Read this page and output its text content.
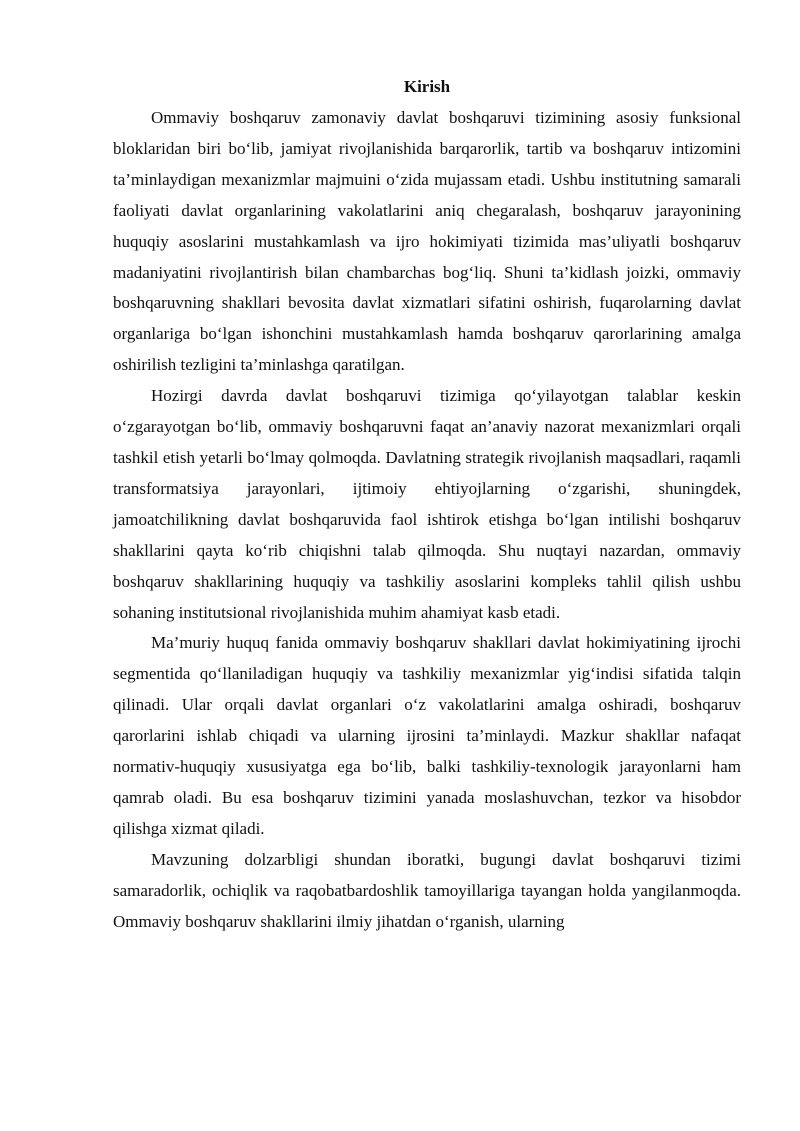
Kirish

Ommaviy boshqaruv zamonaviy davlat boshqaruvi tizimining asosiy funksional bloklaridan biri bo‘lib, jamiyat rivojlanishida barqarorlik, tartib va boshqaruv intizomini ta’minlaydigan mexanizmlar majmuini o‘zida mujassam etadi. Ushbu institutning samarali faoliyati davlat organlarining vakolatlarini aniq chegaralash, boshqaruv jarayonining huquqiy asoslarini mustahkamlash va ijro hokimiyati tizimida mas’uliyatli boshqaruv madaniyatini rivojlantirish bilan chambarchas bog‘liq. Shuni ta’kidlash joizki, ommaviy boshqaruvning shakllari bevosita davlat xizmatlari sifatini oshirish, fuqarolarning davlat organlariga bo‘lgan ishonchini mustahkamlash hamda boshqaruv qarorlarining amalga oshirilish tezligini ta’minlashga qaratilgan.

Hozirgi davrda davlat boshqaruvi tizimiga qo‘yilayotgan talablar keskin o‘zgarayotgan bo‘lib, ommaviy boshqaruvni faqat an’anaviy nazorat mexanizmlari orqali tashkil etish yetarli bo‘lmay qolmoqda. Davlatning strategik rivojlanish maqsadlari, raqamli transformatsiya jarayonlari, ijtimoiy ehtiyojlarning o‘zgarishi, shuningdek, jamoatchilikning davlat boshqaruvida faol ishtirok etishga bo‘lgan intilishi boshqaruv shakllarini qayta ko‘rib chiqishni talab qilmoqda. Shu nuqtayi nazardan, ommaviy boshqaruv shakllarining huquqiy va tashkiliy asoslarini kompleks tahlil qilish ushbu sohaning institutsional rivojlanishida muhim ahamiyat kasb etadi.

Ma’muriy huquq fanida ommaviy boshqaruv shakllari davlat hokimiyatining ijrochi segmentida qo‘llaniladigan huquqiy va tashkiliy mexanizmlar yig‘indisi sifatida talqin qilinadi. Ular orqali davlat organlari o‘z vakolatlarini amalga oshiradi, boshqaruv qarorlarini ishlab chiqadi va ularning ijrosini ta’minlaydi. Mazkur shakllar nafaqat normativ-huquqiy xususiyatga ega bo‘lib, balki tashkiliy-texnologik jarayonlarni ham qamrab oladi. Bu esa boshqaruv tizimini yanada moslashuvchan, tezkor va hisobdor qilishga xizmat qiladi.

Mavzuning dolzarbligi shundan iboratki, bugungi davlat boshqaruvi tizimi samaradorlik, ochiqlik va raqobatbardoshlik tamoyillariga tayangan holda yangilanmoqda. Ommaviy boshqaruv shakllarini ilmiy jihatdan o‘rganish, ularning
